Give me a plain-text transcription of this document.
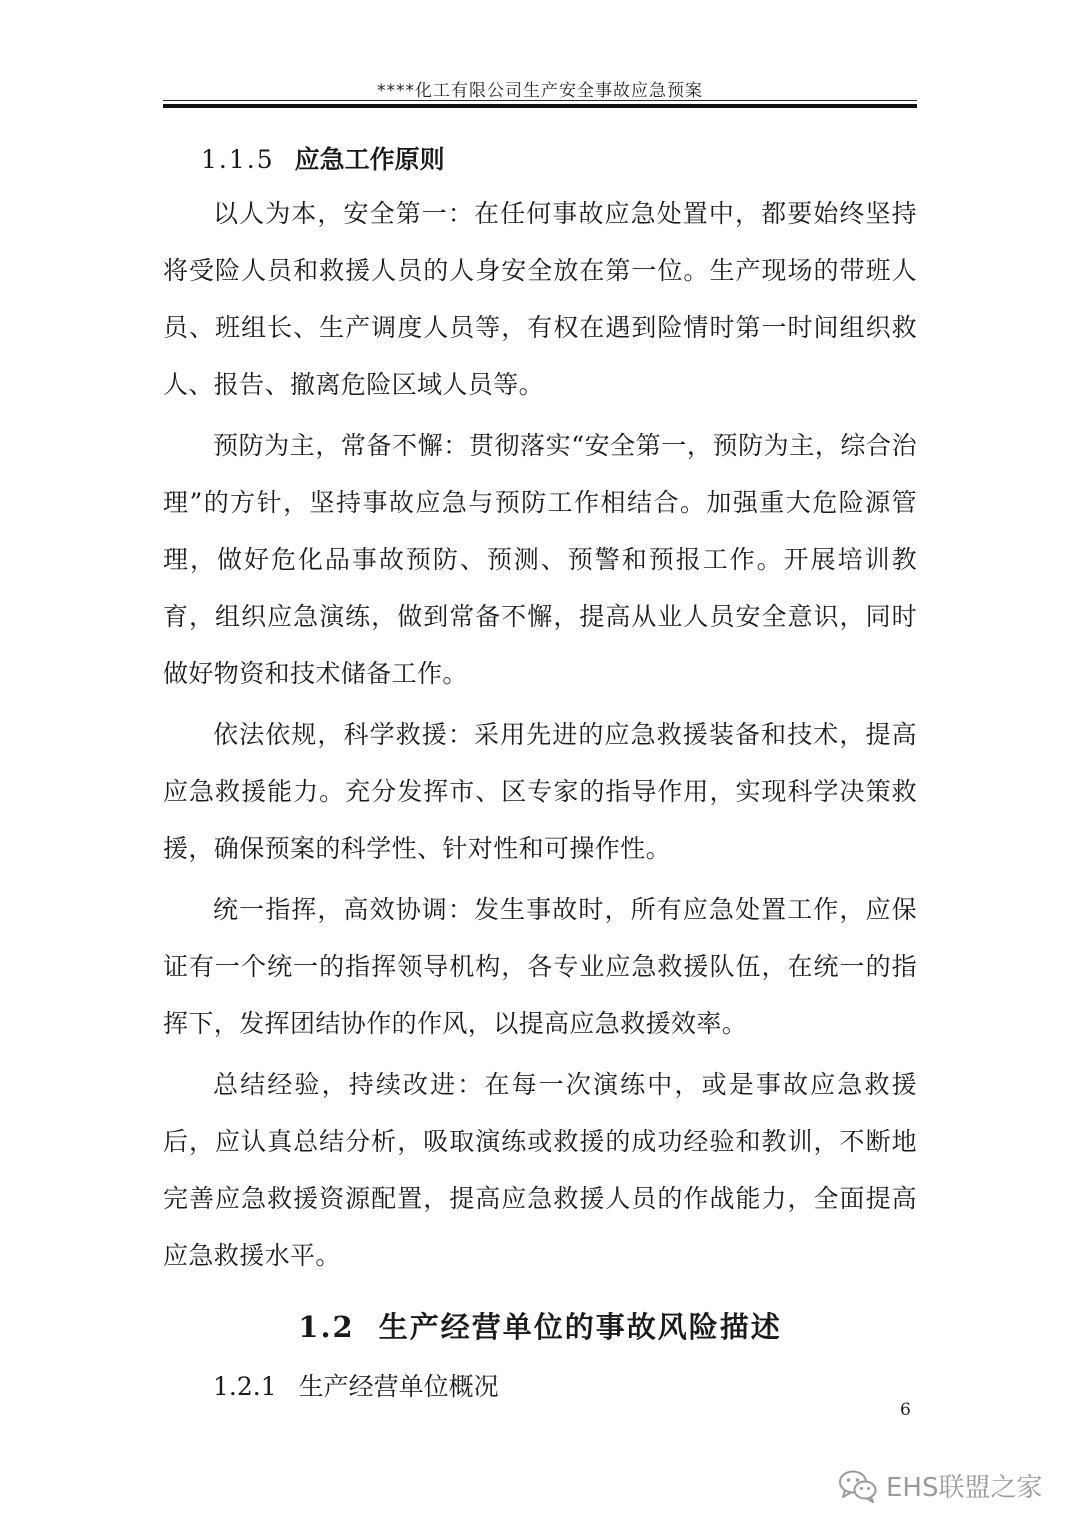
****化工有限公司生产安全事故应急预案
1.1.5 应急工作原则

以人为本，安全第一：在任何事故应急处置中，都要始终坚持将受险人员和救援人员的人身安全放在第一位。生产现场的带班人员、班组长、生产调度人员等，有权在遇到险情时第一时间组织救人、报告、撤离危险区域人员等。

预防为主，常备不懈：贯彻落实“安全第一，预防为主，综合治理”的方针，坚持事故应急与预防工作相结合。加强重大危险源管理，做好危化品事故预防、预测、预警和预报工作。开展培训教育，组织应急演练，做到常备不懈，提高从业人员安全意识，同时做好物资和技术储备工作。

依法依规，科学救援：采用先进的应急救援装备和技术，提高应急救援能力。充分发挥市、区专家的指导作用，实现科学决策救援，确保预案的科学性、针对性和可操作性。

统一指挥，高效协调：发生事故时，所有应急处置工作，应保证有一个统一的指挥领导机构，各专业应急救援队伍，在统一的指挥下，发挥团结协作的作风，以提高应急救援效率。

总结经验，持续改进：在每一次演练中，或是事故应急救援后，应认真总结分析，吸取演练或救援的成功经验和教训，不断地完善应急救援资源配置，提高应急救援人员的作战能力，全面提高应急救援水平。

1.2 生产经营单位的事故风险描述
1.2.1 生产经营单位概况
6
EHS联盟之家
